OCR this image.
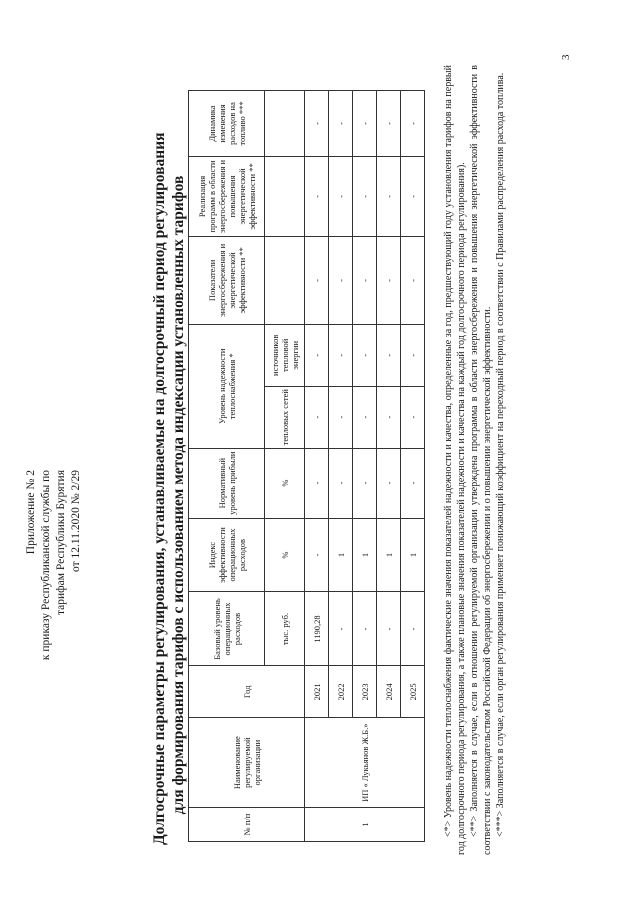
Приложение № 2 к приказу Республиканской службы по тарифам Республики Бурятия от 12.11.2020 № 2/29
3
Долгосрочные параметры регулирования, устанавливаемые на долгосрочный период регулирования для формирования тарифов с использованием метода индексации установленных тарифов
№ п/п	Наименование регулируемой организации	Год	Базовый уровень операционных расходов	Индекс эффективности операционных расходов	Нормативный уровень прибыли	Уровень надежности теплоснабжения *		Показатели энергосбережения и энергетической эффективности **	Реализация программ в области энергосбережения и повышения энергетической эффективности **	Динамика изменения расходов на топливо ***
			тыс. руб.	%	%	тепловых сетей	источников тепловой энергии			
1	ИП « Лукьянов Ж.Б.»	2021	1190,28	-	-	-	-	-	-	-
		2022	-	1	-	-	-	-	-	-
		2023	-	1	-	-	-	-	-	-
		2024	-	1	-	-	-	-	-	-
		2025	-	1	-	-	-	-	-	-	<*> Уровень надежности теплоснабжения фактические значения показателей надежности и качества, определенные за год, предшествующий году установления тарифов на первый год долгосрочного периода регулирования, а также плановые значения показателей надежности и качества на каждый год долгосрочного периода регулирования). <**> Заполняется в случае, если в отношении регулируемой организации утверждена программа в области энергосбережения и повышения энергетической эффективности в соответствии с законодательством Российской Федерации об энергосбережении и о повышении энергетической эффективности. <***> Заполняется в случае, если орган регулирования применяет понижающий коэффициент на переходный период в соответствии с Правилами распределения расхода топлива.
